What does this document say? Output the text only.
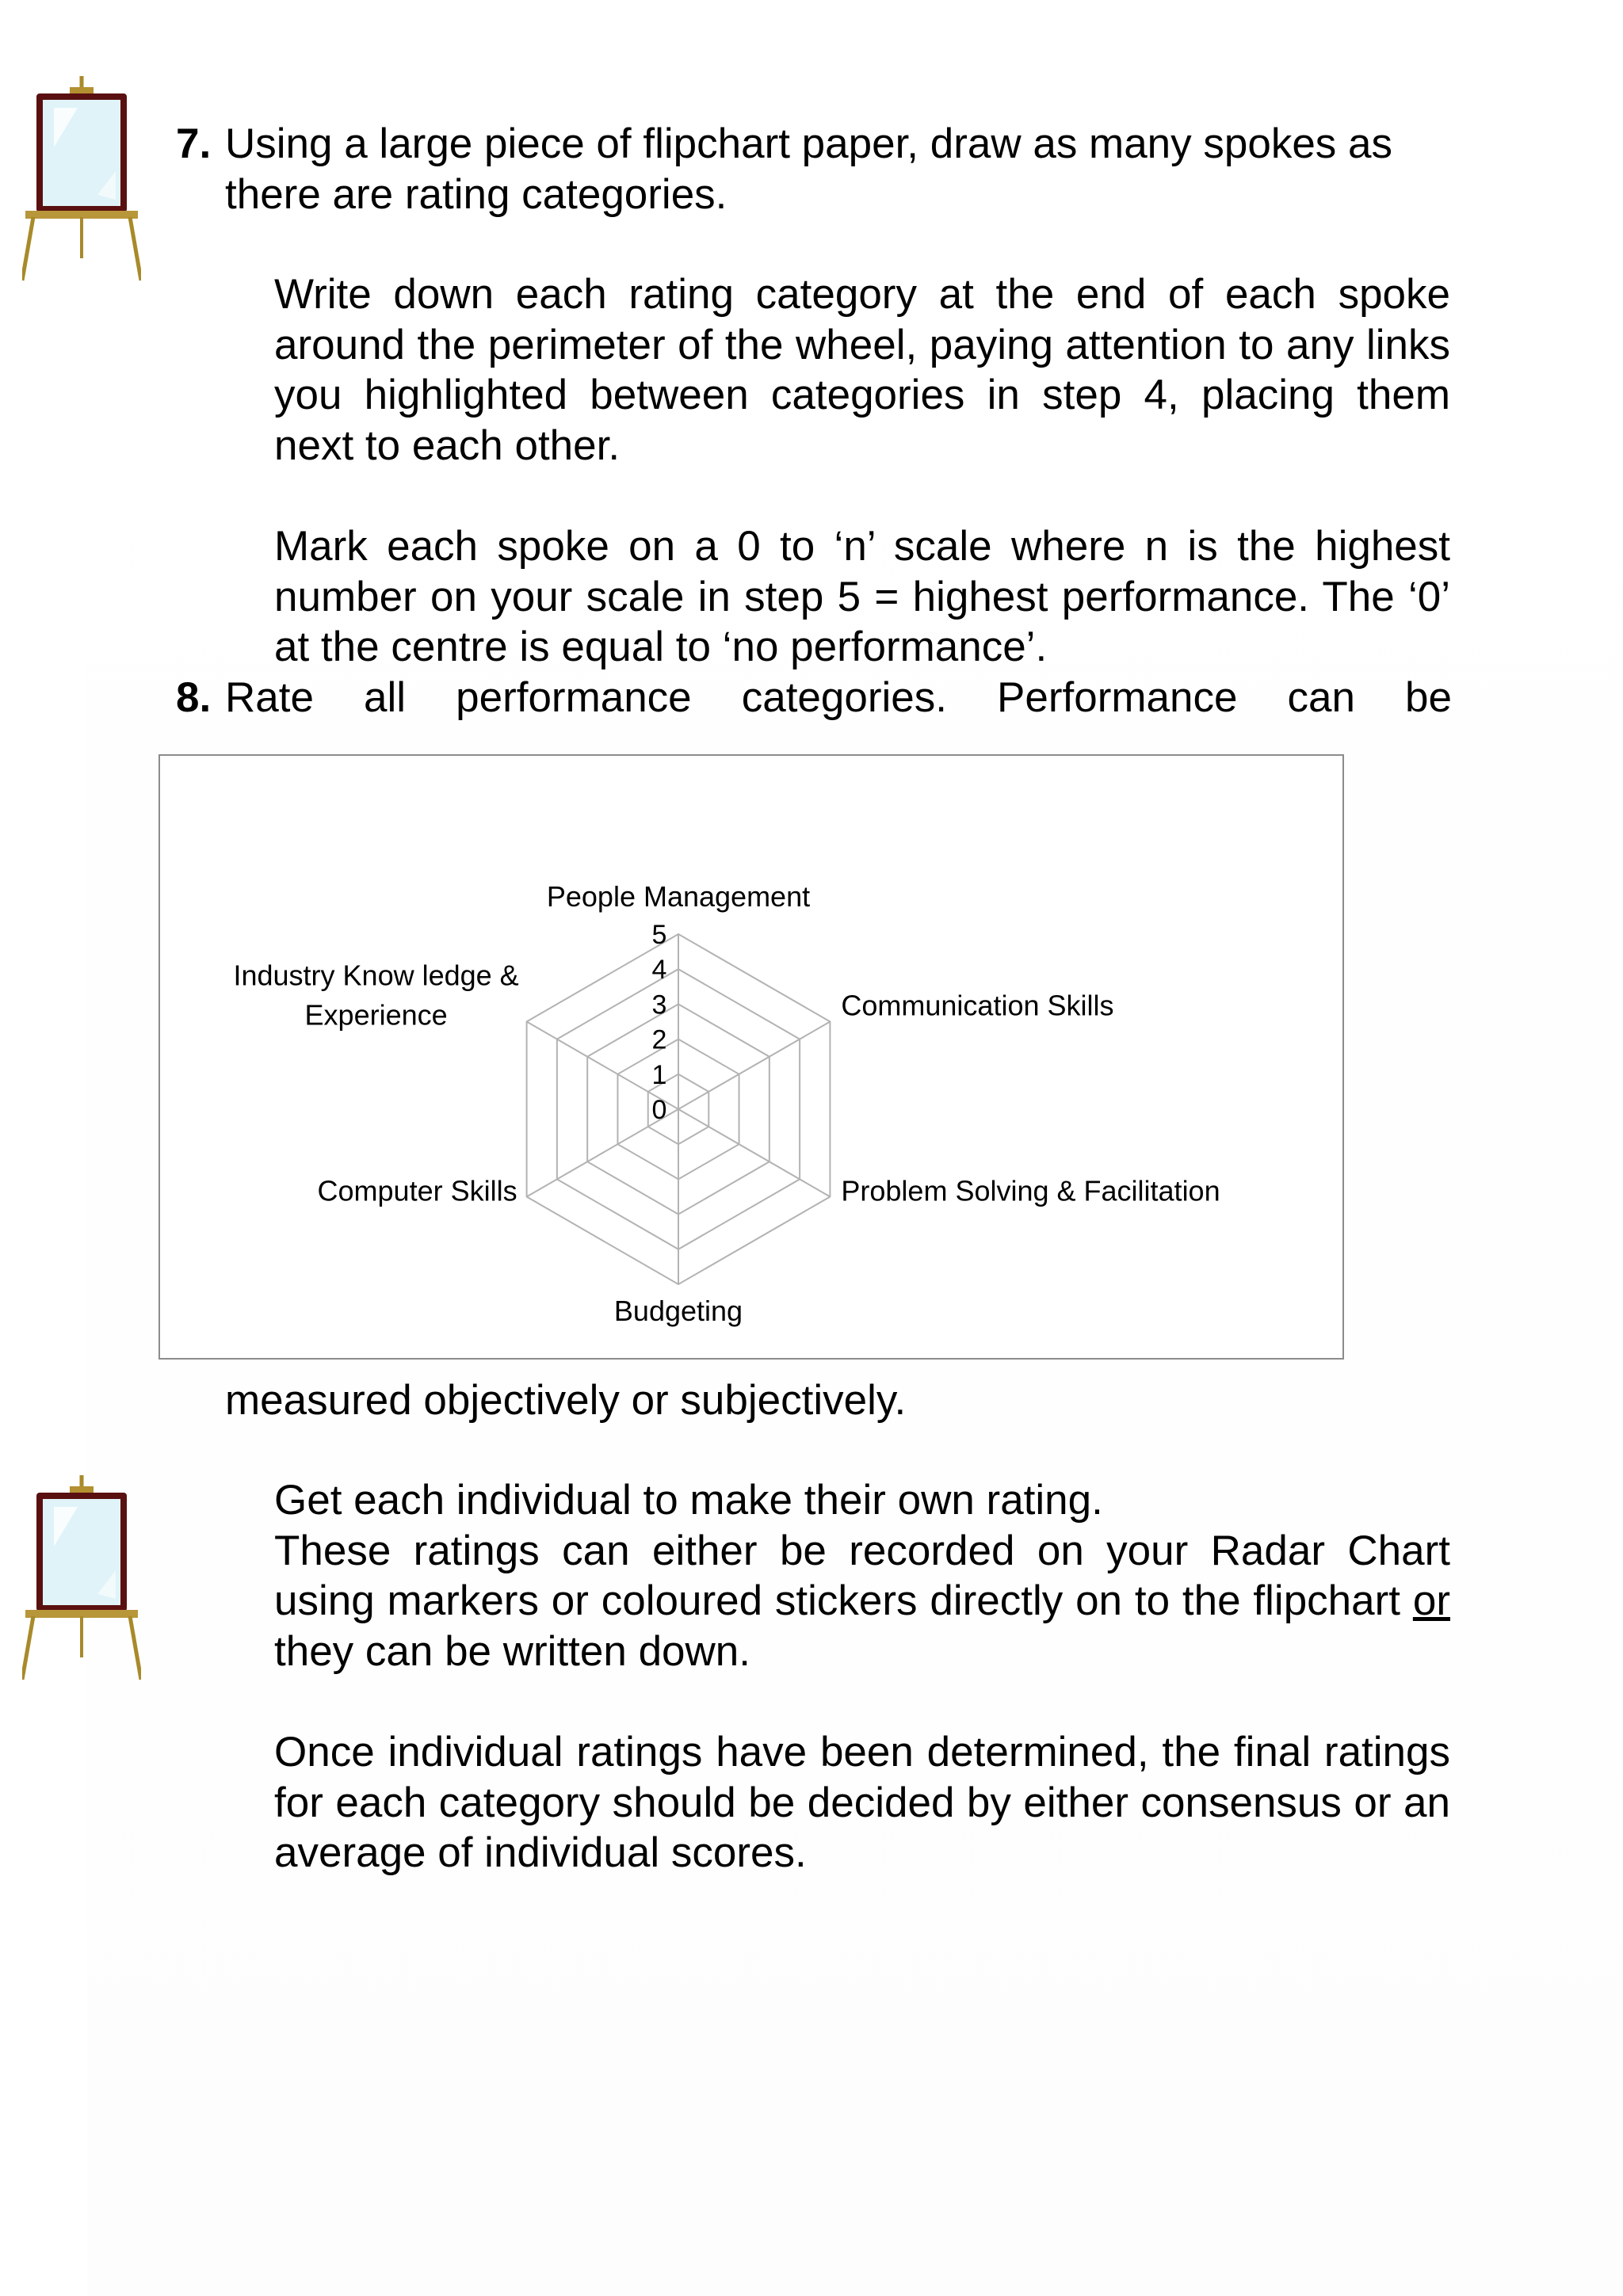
7. Using a large piece of flipchart paper, draw as many spokes as
there are rating categories.

Write down each rating category at the end of each spoke around the perimeter of the wheel, paying attention to any links you highlighted between categories in step 4, placing them next to each other.

Mark each spoke on a 0 to ‘n’ scale where n is the highest number on your scale in step 5 = highest performance. The ‘0’ at the centre is equal to ‘no performance’.

8. Rate all performance categories. Performance can be
0
1
2
3
4
5
People Management
Communication Skills
Problem Solving & Facilitation
Budgeting
Computer Skills
Industry Know ledge & Experience
measured objectively or subjectively.
Get each individual to make their own rating.
These ratings can either be recorded on your Radar Chart using markers or coloured stickers directly on to the flipchart or they can be written down.

Once individual ratings have been determined, the final ratings for each category should be decided by either consensus or an average of individual scores.
